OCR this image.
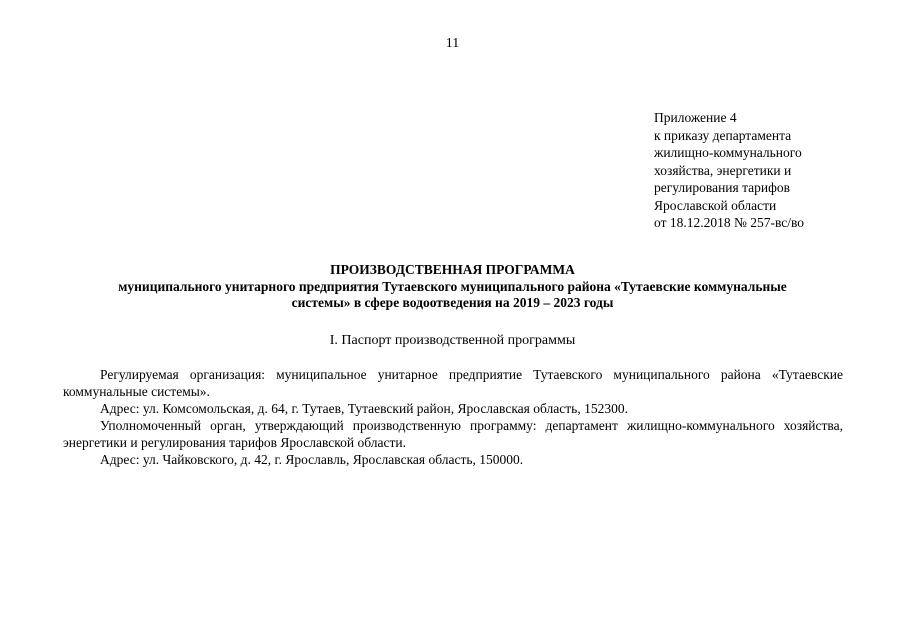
11
Приложение 4
к приказу департамента
жилищно-коммунального
хозяйства, энергетики и
регулирования тарифов
Ярославской области
от 18.12.2018 № 257-вс/во
ПРОИЗВОДСТВЕННАЯ ПРОГРАММА
муниципального унитарного предприятия Тутаевского муниципального района «Тутаевские коммунальные
системы» в сфере водоотведения на 2019 – 2023 годы
I. Паспорт производственной программы

Регулируемая организация: муниципальное унитарное предприятие Тутаевского муниципального района «Тутаевские коммунальные системы».

Адрес: ул. Комсомольская, д. 64, г. Тутаев, Тутаевский район, Ярославская область, 152300.

Уполномоченный орган, утверждающий производственную программу: департамент жилищно-коммунального хозяйства, энергетики и регулирования тарифов Ярославской области.

Адрес: ул. Чайковского, д. 42, г. Ярославль, Ярославская область, 150000.
